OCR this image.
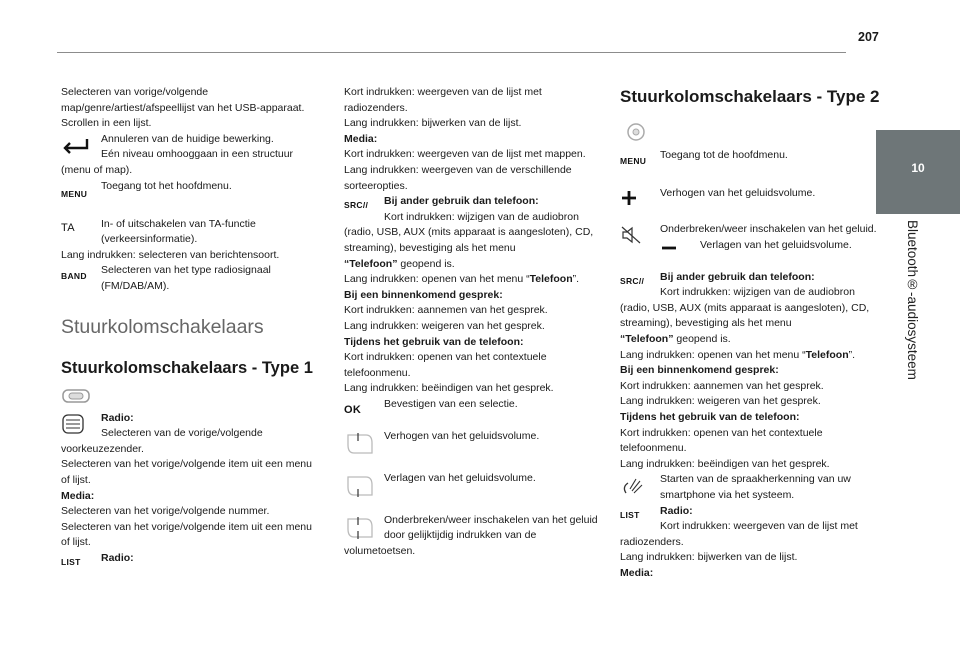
207
10
Bluetooth®-audiosysteem

Selecteren van vorige/volgende map/genre/artiest/afspeellijst van het USB-apparaat.

Scrollen in een lijst.

Annuleren van de huidige bewerking.

Eén niveau omhooggaan in een structuur (menu of map).

MENU

Toegang tot het hoofdmenu.

TA	In- of uitschakelen van TA-functie (verkeersinformatie).

Lang indrukken: selecteren van berichtensoort.

BAND	Selecteren van het type radiosignaal (FM/DAB/AM).

Stuurkolomschakelaars
Stuurkolomschakelaars - Type 1

Radio:

Selecteren van de vorige/volgende voorkeuzezender.

Selecteren van het vorige/volgende item uit een menu of lijst.

Media:

Selecteren van het vorige/volgende nummer.

Selecteren van het vorige/volgende item uit een menu of lijst.

LIST	Radio:

Kort indrukken: weergeven van de lijst met radiozenders.

Lang indrukken: bijwerken van de lijst.

Media:

Kort indrukken: weergeven van de lijst met mappen.

Lang indrukken: weergeven van de verschillende sorteeropties.

SRC //	Bij ander gebruik dan telefoon:

Kort indrukken: wijzigen van de audiobron (radio, USB, AUX (mits apparaat is aangesloten), CD, streaming), bevestiging als het menu
“Telefoon” geopend is.

Lang indrukken: openen van het menu “Telefoon”.

Bij een binnenkomend gesprek:

Kort indrukken: aannemen van het gesprek.

Lang indrukken: weigeren van het gesprek.

Tijdens het gebruik van de telefoon:

Kort indrukken: openen van het contextuele telefoonmenu.

Lang indrukken: beëindigen van het gesprek.

OK	Bevestigen van een selectie.

Verhogen van het geluidsvolume.

Verlagen van het geluidsvolume.

Onderbreken/weer inschakelen van het geluid door gelijktijdig indrukken van de volumetoetsen.

Stuurkolomschakelaars - Type 2
MENU	Toegang tot de hoofdmenu.

Verhogen van het geluidsvolume.

Onderbreken/weer inschakelen van het geluid.

Verlagen van het geluidsvolume.

SRC //	Bij ander gebruik dan telefoon:

Kort indrukken: wijzigen van de audiobron (radio, USB, AUX (mits apparaat is aangesloten), CD, streaming), bevestiging als het menu
“Telefoon” geopend is.

Lang indrukken: openen van het menu “Telefoon”.

Bij een binnenkomend gesprek:

Kort indrukken: aannemen van het gesprek.

Lang indrukken: weigeren van het gesprek.

Tijdens het gebruik van de telefoon:

Kort indrukken: openen van het contextuele telefoonmenu.

Lang indrukken: beëindigen van het gesprek.

Starten van de spraakherkenning van uw smartphone via het systeem.

LIST	Radio:

Kort indrukken: weergeven van de lijst met radiozenders.

Lang indrukken: bijwerken van de lijst.

Media:
